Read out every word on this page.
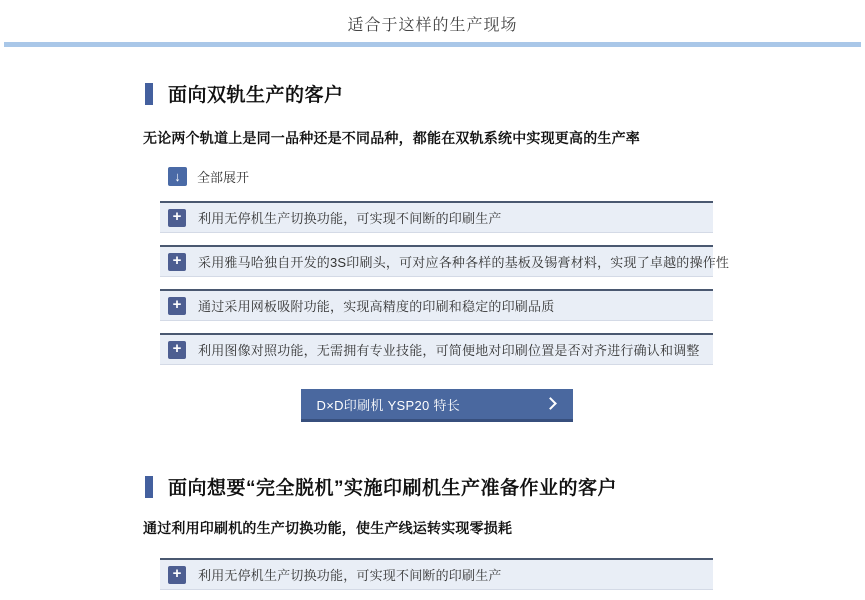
适合于这样的生产现场
面向双轨生产的客户
无论两个轨道上是同一品种还是不同品种，都能在双轨系统中实现更高的生产率
↓	全部展开
+	利用无停机生产切换功能，可实现不间断的印刷生产
+	采用雅马哈独自开发的3S印刷头，可对应各种各样的基板及锡膏材料，实现了卓越的操作性
+	通过采用网板吸附功能，实现高精度的印刷和稳定的印刷品质
+	利用图像对照功能，无需拥有专业技能，可简便地对印刷位置是否对齐进行确认和调整
D×D印刷机 YSP20 特长
面向想要“完全脱机”实施印刷机生产准备作业的客户
通过利用印刷机的生产切换功能，使生产线运转实现零损耗
+	利用无停机生产切换功能，可实现不间断的印刷生产
